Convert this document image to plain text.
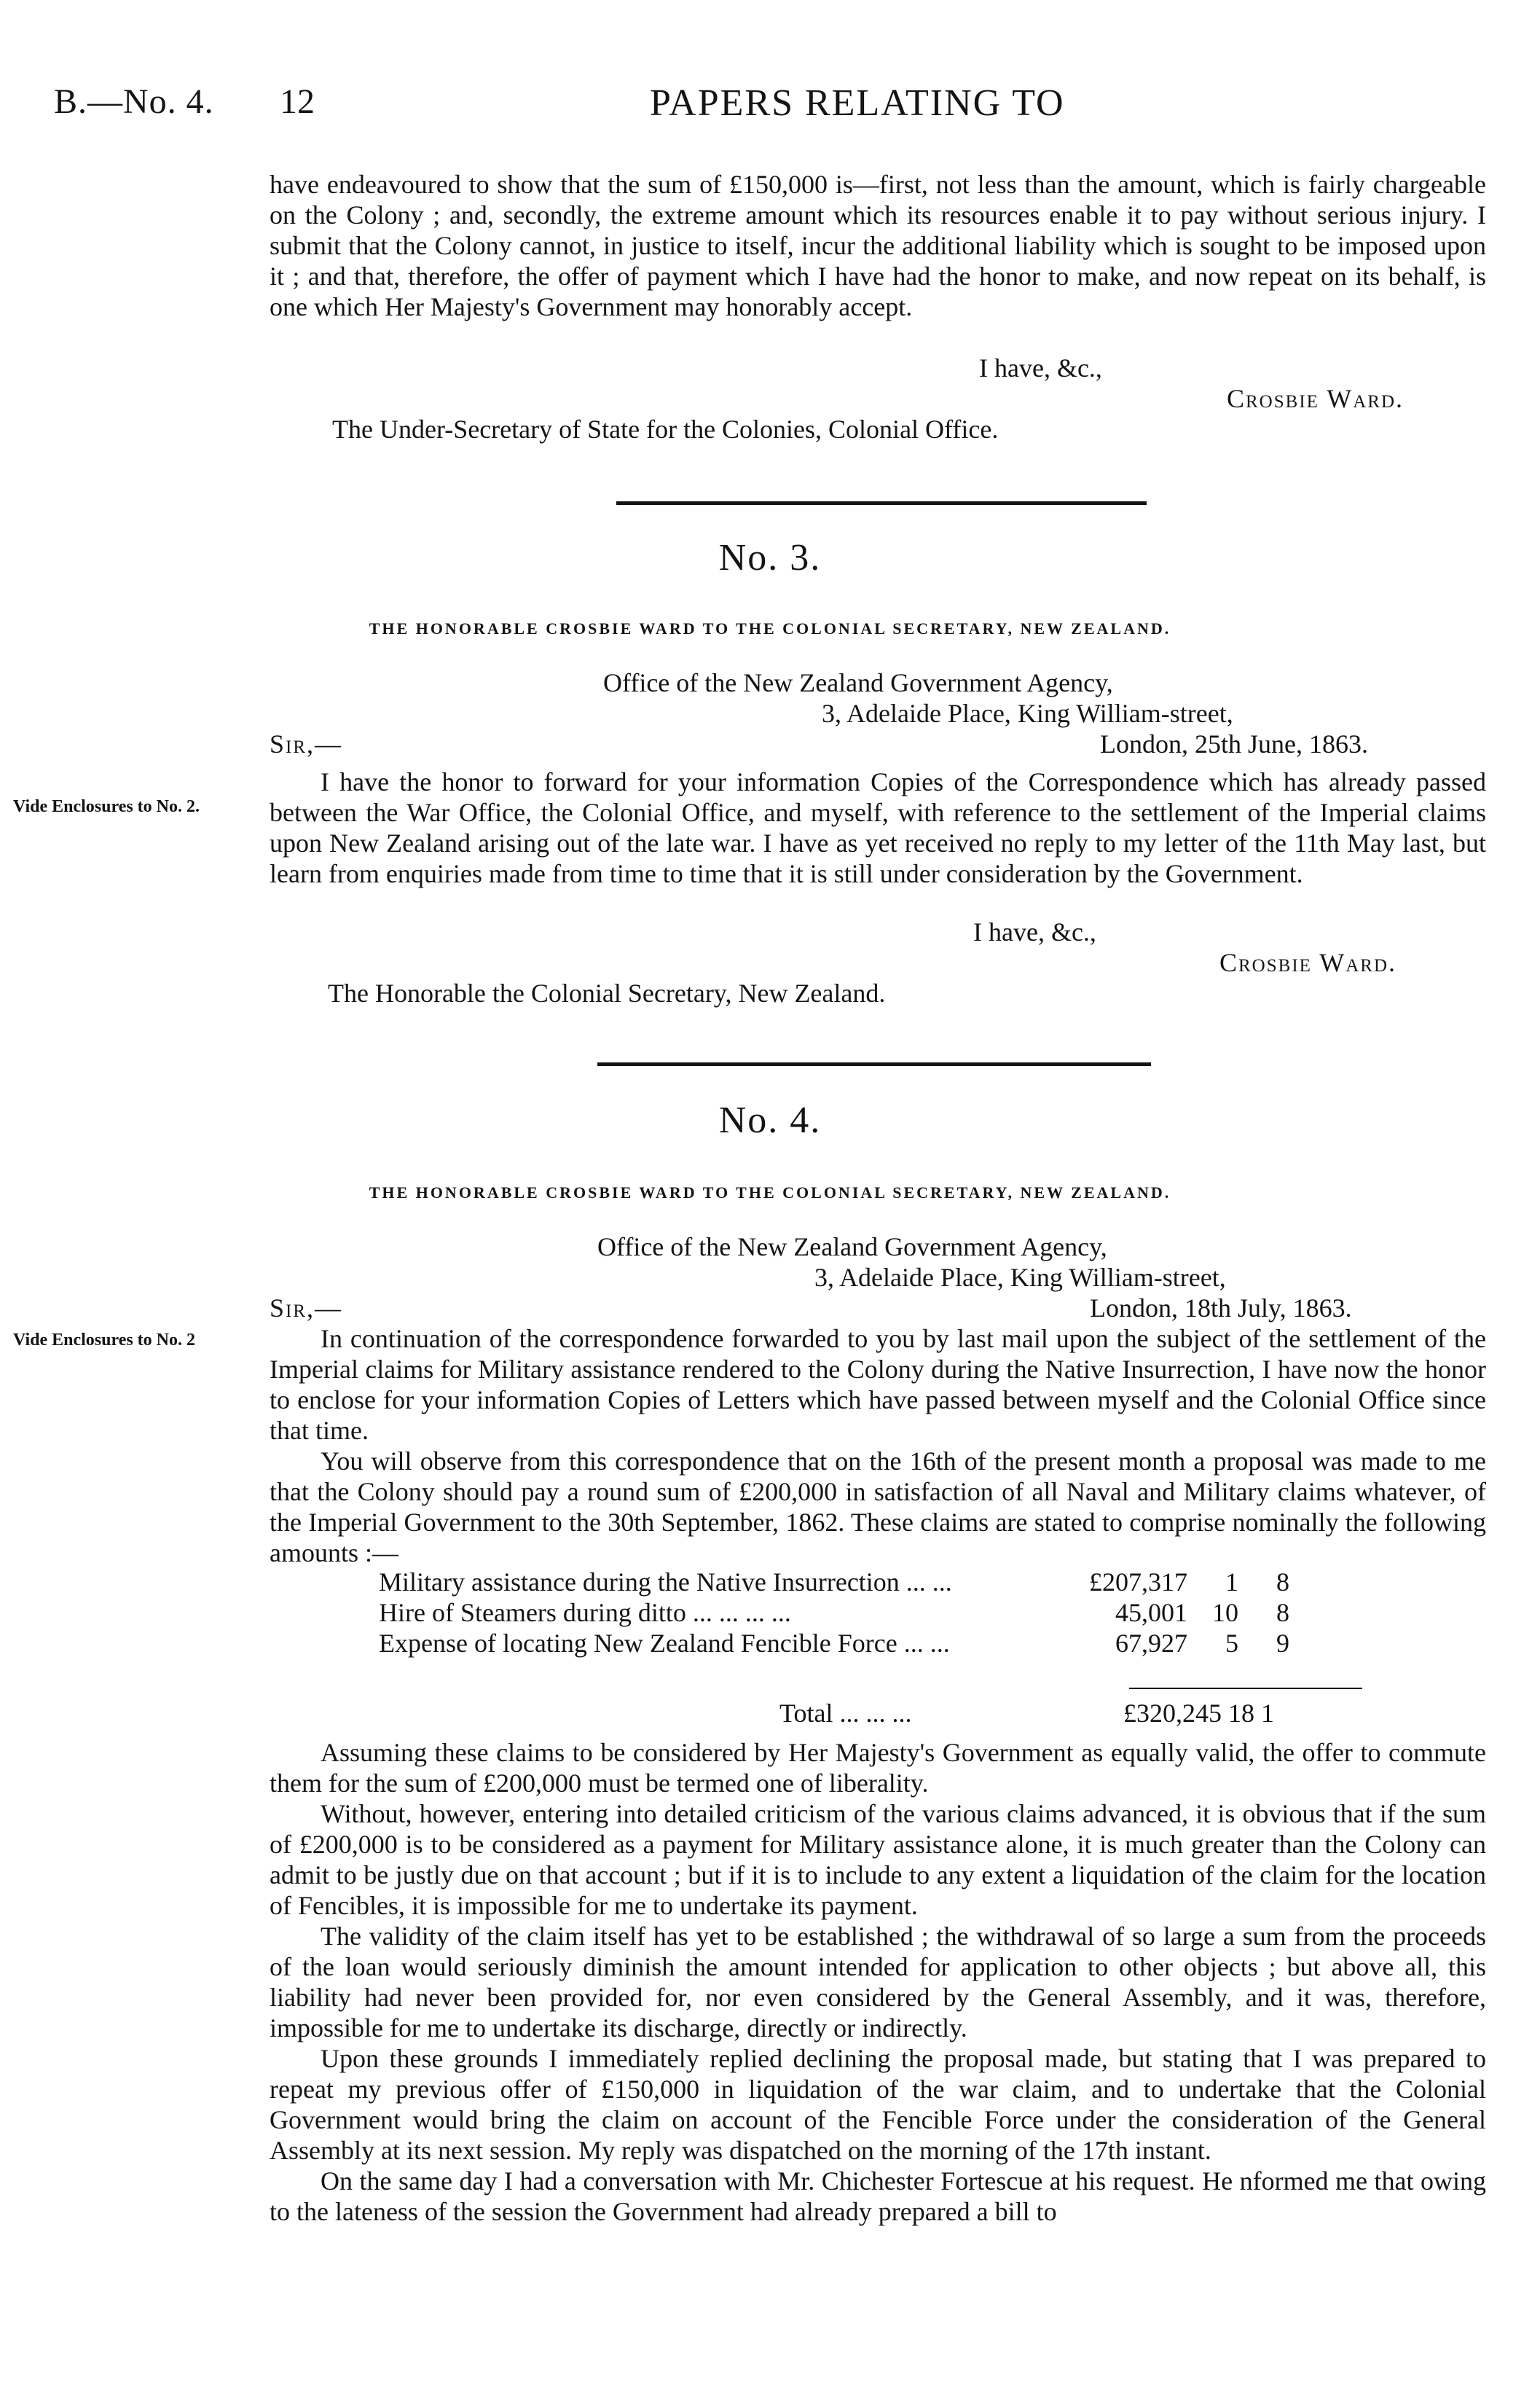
B.—No. 4. 12	PAPERS RELATING TO

have endeavoured to show that the sum of £150,000 is—first, not less than the amount, which is fairly chargeable on the Colony ; and, secondly, the extreme amount which its resources enable it to pay without serious injury. I submit that the Colony cannot, in justice to itself, incur the additional liability which is sought to be imposed upon it ; and that, therefore, the offer of payment which I have had the honor to make, and now repeat on its behalf, is one which Her Majesty's Government may honorably accept.

I have, &c.,
Crosbie Ward.
The Under-Secretary of State for the Colonies, Colonial Office.
No. 3.
THE HONORABLE CROSBIE WARD TO THE COLONIAL SECRETARY, NEW ZEALAND.
Office of the New Zealand Government Agency,
3, Adelaide Place, King William-street,
Sir,—	London, 25th June, 1863.
Vide Enclosures to No. 2.

I have the honor to forward for your information Copies of the Correspondence which has already passed between the War Office, the Colonial Office, and myself, with reference to the settlement of the Imperial claims upon New Zealand arising out of the late war. I have as yet received no reply to my letter of the 11th May last, but learn from enquiries made from time to time that it is still under consideration by the Government.

I have, &c.,
Crosbie Ward.
The Honorable the Colonial Secretary, New Zealand.
No. 4.
THE HONORABLE CROSBIE WARD TO THE COLONIAL SECRETARY, NEW ZEALAND.
Office of the New Zealand Government Agency,
3, Adelaide Place, King William-street,
Sir,—	London, 18th July, 1863.
Vide Enclosures to No. 2	In continuation of the correspondence forwarded to you by last mail upon the subject of the settlement of the Imperial claims for Military assistance rendered to the Colony during the Native Insurrection, I have now the honor to enclose for your information Copies of Letters which have passed between myself and the Colonial Office since that time.

You will observe from this correspondence that on the 16th of the present month a proposal was made to me that the Colony should pay a round sum of £200,000 in satisfaction of all Naval and Military claims whatever, of the Imperial Government to the 30th September, 1862. These claims are stated to comprise nominally the following amounts :—

Military assistance during the Native Insurrection ... ...	£207,317	1	8
Hire of Steamers during ditto ... ... ... ...	45,001	10	8
Expense of locating New Zealand Fencible Force ... ...	67,927	5	9
Total ... ... ...	£320,245 18 1

Assuming these claims to be considered by Her Majesty's Government as equally valid, the offer to commute them for the sum of £200,000 must be termed one of liberality.

Without, however, entering into detailed criticism of the various claims advanced, it is obvious that if the sum of £200,000 is to be considered as a payment for Military assistance alone, it is much greater than the Colony can admit to be justly due on that account ; but if it is to include to any extent a liquidation of the claim for the location of Fencibles, it is impossible for me to undertake its payment.

The validity of the claim itself has yet to be established ; the withdrawal of so large a sum from the proceeds of the loan would seriously diminish the amount intended for application to other objects ; but above all, this liability had never been provided for, nor even considered by the General Assembly, and it was, therefore, impossible for me to undertake its discharge, directly or indirectly.

Upon these grounds I immediately replied declining the proposal made, but stating that I was prepared to repeat my previous offer of £150,000 in liquidation of the war claim, and to undertake that the Colonial Government would bring the claim on account of the Fencible Force under the consideration of the General Assembly at its next session. My reply was dispatched on the morning of the 17th instant.

On the same day I had a conversation with Mr. Chichester Fortescue at his request. He nformed me that owing to the lateness of the session the Government had already prepared a bill to
